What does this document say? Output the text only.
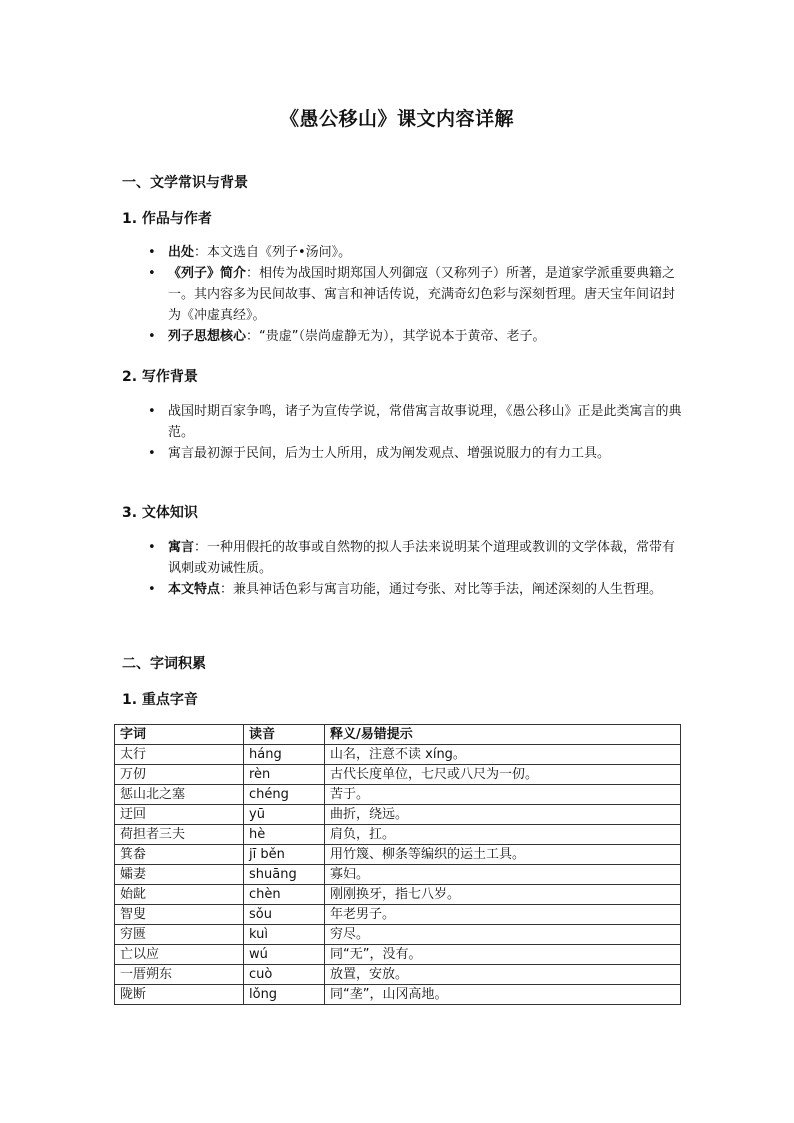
《愚公移山》课文内容详解

一、文学常识与背景

1. 作品与作者

• 出处：本文选自《列子•汤问》。
• 《列子》简介：相传为战国时期郑国人列御寇（又称列子）所著，是道家学派重要典籍之一。其内容多为民间故事、寓言和神话传说，充满奇幻色彩与深刻哲理。唐天宝年间诏封为《冲虚真经》。
• 列子思想核心：“贵虚”（崇尚虚静无为），其学说本于黄帝、老子。

2. 写作背景

• 战国时期百家争鸣，诸子为宣传学说，常借寓言故事说理，《愚公移山》正是此类寓言的典范。
• 寓言最初源于民间，后为士人所用，成为阐发观点、增强说服力的有力工具。

3. 文体知识

• 寓言：一种用假托的故事或自然物的拟人手法来说明某个道理或教训的文学体裁，常带有讽刺或劝诫性质。
• 本文特点：兼具神话色彩与寓言功能，通过夸张、对比等手法，阐述深刻的人生哲理。

二、字词积累

1. 重点字音

字词	读音	释义/易错提示
太行	háng	山名，注意不读 xíng。
万仞	rèn	古代长度单位，七尺或八尺为一仞。
惩山北之塞	chéng	苦于。
迂回	yū	曲折，绕远。
荷担者三夫	hè	肩负，扛。
箕畚	jī běn	用竹篾、柳条等编织的运土工具。
孀妻	shuāng	寡妇。
始龀	chèn	刚刚换牙，指七八岁。
智叟	sǒu	年老男子。
穷匮	kuì	穷尽。
亡以应	wú	同“无”，没有。
一厝朔东	cuò	放置，安放。
陇断	lǒng	同“垄”，山冈高地。
